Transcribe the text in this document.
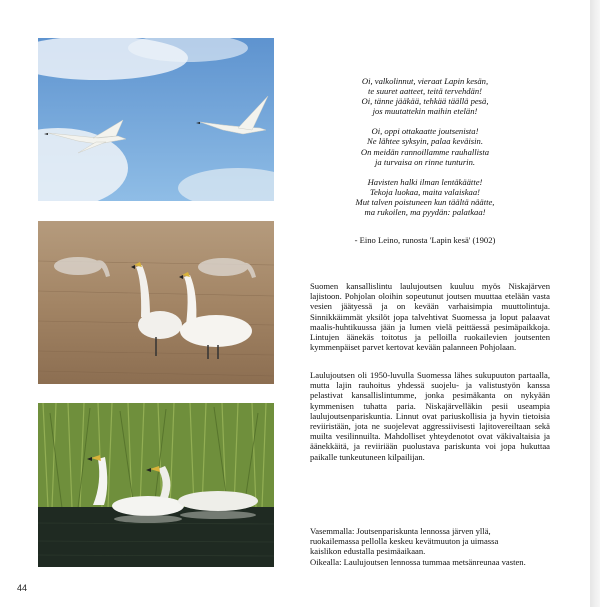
Oi, valkolinnut, vieraat Lapin kesän,
te suuret aatteet, teitä tervehdän!
Oi, tänne jääkää, tehkää täällä pesä,
jos muutattekin maihin etelän!
Oi, oppi ottakaatte joutsenista!
Ne lähtee syksyin, palaa keväisin.
On meidän rannoillamme rauhallista
ja turvaisa on rinne tunturin.
Havisten halki ilman lentäkäätte!
Tekoja luokaa, maita valaiskaa!
Mut talven poistuneen kun täältä näätte,
ma rukoilen, ma pyydän: palatkaa!
- Eino Leino, runosta 'Lapin kesä' (1902)

Suomen kansallislintu laulujoutsen kuuluu myös Niskajärven lajistoon. Pohjolan oloihin sopeutunut joutsen muuttaa etelään vasta vesien jäätyessä ja on kevään varhaisimpia muuttolintuja. Sinnikkäimmät yksilöt jopa talvehtivat Suomessa ja loput palaavat maalis-huhtikuussa jään ja lumen vielä peittäessä pesimäpaikkoja. Lintujen äänekäs toitotus ja pelloilla ruokailevien joutsenten kymmenpäiset parvet kertovat kevään palanneen Pohjolaan.

Laulujoutsen oli 1950-luvulla Suomessa lähes sukupuuton partaalla, mutta lajin rauhoitus yhdessä suojelu- ja valistustyön kanssa pelastivat kansallislintumme, jonka pesimäkanta on nykyään kymmenisen tuhatta paria. Niskajärvelläkin pesii useampia laulujoutsenpariskuntia. Linnut ovat pariuskollisia ja hyvin tietoisia reviiristään, jota ne suojelevat aggressiivisesti lajitovereiltaan sekä muilta vesilinnuilta. Mahdolliset yhteydenotot ovat väkivaltaisia ja äänekkäitä, ja reviiriään puolustava pariskunta voi jopa hukuttaa paikalle tunkeutuneen kilpailijan.

Vasemmalla: Joutsenpariskunta lennossa järven yllä,
ruokailemassa pellolla keskeu kevätmuuton ja uimassa
kaislikon edustalla pesimäaikaan.
Oikealla: Laulujoutsen lennossa tummaa metsänreunaa vasten.
44
